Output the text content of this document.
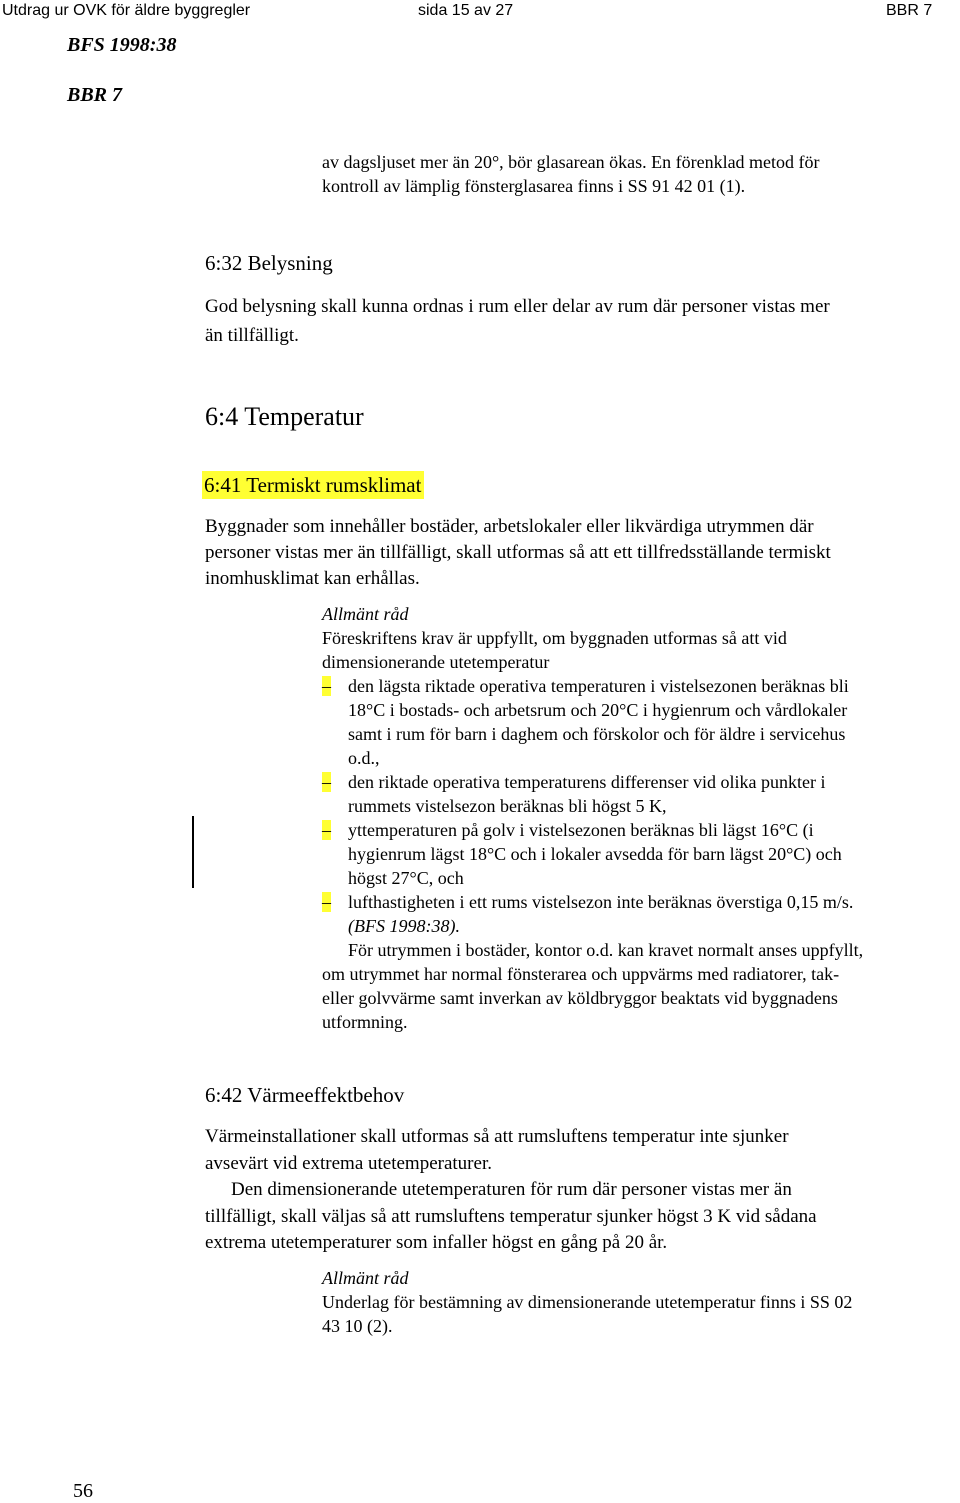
Utdrag ur OVK för äldre byggregler	sida 15 av 27	BBR 7
BFS 1998:38
BBR 7
av dagsljuset mer än 20°, bör glasarean ökas. En förenklad metod för
kontroll av lämplig fönsterglasarea finns i SS 91 42 01 (1).
6:32 Belysning
God belysning skall kunna ordnas i rum eller delar av rum där personer vistas mer
än tillfälligt.
6:4 Temperatur
6:41 Termiskt rumsklimat
Byggnader som innehåller bostäder, arbetslokaler eller likvärdiga utrymmen där
personer vistas mer än tillfälligt, skall utformas så att ett tillfredsställande termiskt
inomhusklimat kan erhållas.
Allmänt råd
Föreskriftens krav är uppfyllt, om byggnaden utformas så att vid
dimensionerande utetemperatur
– den lägsta riktade operativa temperaturen i vistelsezonen beräknas bli
18°C i bostads- och arbetsrum och 20°C i hygienrum och vårdlokaler
samt i rum för barn i daghem och förskolor och för äldre i servicehus
o.d.,
– den riktade operativa temperaturens differenser vid olika punkter i
rummets vistelsezon beräknas bli högst 5 K,
– yttemperaturen på golv i vistelsezonen beräknas bli lägst 16°C (i
hygienrum lägst 18°C och i lokaler avsedda för barn lägst 20°C) och
högst 27°C, och
– lufthastigheten i ett rums vistelsezon inte beräknas överstiga 0,15 m/s.
(BFS 1998:38).
För utrymmen i bostäder, kontor o.d. kan kravet normalt anses uppfyllt,
om utrymmet har normal fönsterarea och uppvärms med radiatorer, tak-
eller golvvärme samt inverkan av köldbryggor beaktats vid byggnadens
utformning.
6:42 Värmeeffektbehov
Värmeinstallationer skall utformas så att rumsluftens temperatur inte sjunker
avsevärt vid extrema utetemperaturer.
Den dimensionerande utetemperaturen för rum där personer vistas mer än
tillfälligt, skall väljas så att rumsluftens temperatur sjunker högst 3 K vid sådana
extrema utetemperaturer som infaller högst en gång på 20 år.
Allmänt råd
Underlag för bestämning av dimensionerande utetemperatur finns i SS 02
43 10 (2).
56
